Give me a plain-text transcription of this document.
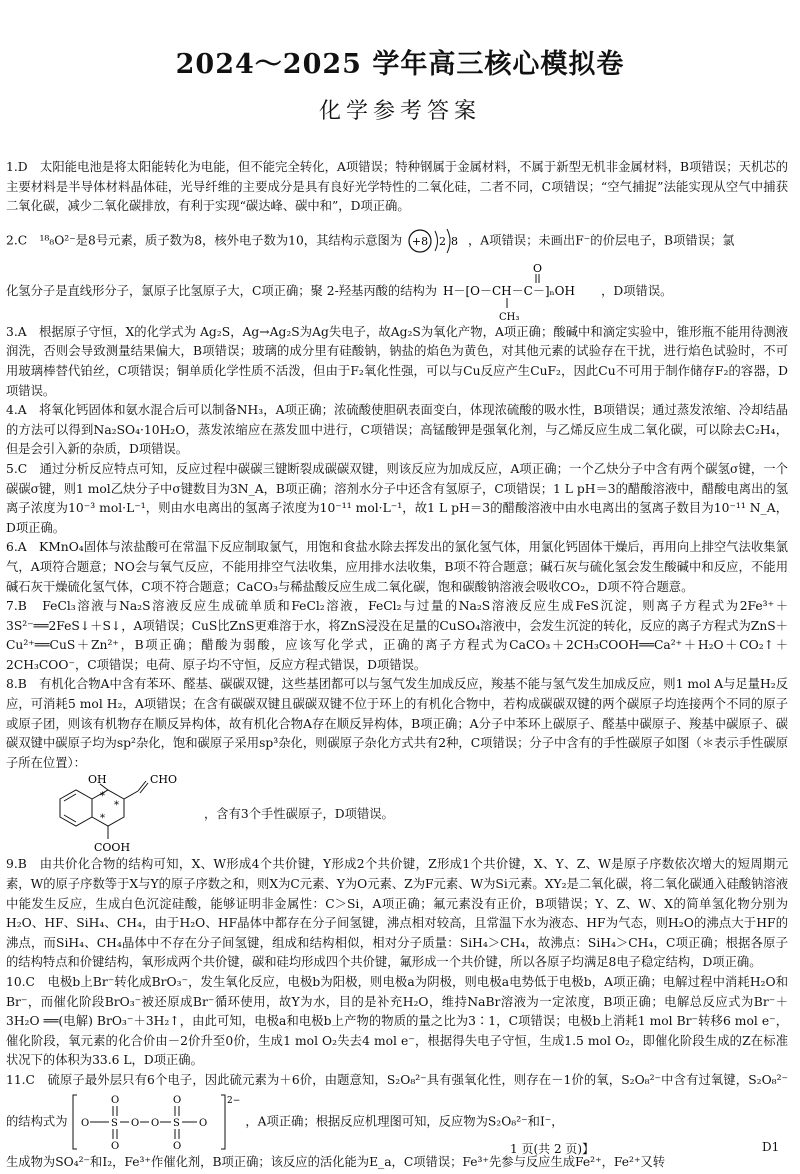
2024～2025 学年高三核心模拟卷
化学参考答案

1.D　太阳能电池是将太阳能转化为电能，但不能完全转化，A项错误；特种钢属于金属材料，不属于新型无机非金属材料，B项错误；天机芯的主要材料是半导体材料晶体硅，光导纤维的主要成分是具有良好光学特性的二氧化硅，二者不同，C项错误；“空气捕捉”法能实现从空气中捕获二氧化碳，减少二氧化碳排放，有利于实现“碳达峰、碳中和”，D项正确。

2.C　¹⁸₈O²⁻是8号元素，质子数为8，核外电子数为10，其结构示意图为 +8 2 8 ，A项错误；未画出F⁻的价层电子，B项错误；氯
化氢分子是直线形分子，氯原子比氢原子大，C项正确；聚 2-羟基丙酸的结构为
O
H－[O－CH－C－]ₙOH
CH₃
，D项错误。

3.A　根据原子守恒，X的化学式为 Ag₂S，Ag→Ag₂S为Ag失电子，故Ag₂S为氧化产物，A项正确；酸碱中和滴定实验中，锥形瓶不能用待测液润洗，否则会导致测量结果偏大，B项错误；玻璃的成分里有硅酸钠，钠盐的焰色为黄色，对其他元素的试验存在干扰，进行焰色试验时，不可用玻璃棒替代铂丝，C项错误；铜单质化学性质不活泼，但由于F₂氧化性强，可以与Cu反应产生CuF₂，因此Cu不可用于制作储存F₂的容器，D项错误。

4.A　将氧化钙固体和氨水混合后可以制备NH₃，A项正确；浓硫酸使胆矾表面变白，体现浓硫酸的吸水性，B项错误；通过蒸发浓缩、冷却结晶的方法可以得到Na₂SO₄·10H₂O，蒸发浓缩应在蒸发皿中进行，C项错误；高锰酸钾是强氧化剂，与乙烯反应生成二氧化碳，可以除去C₂H₄，但是会引入新的杂质，D项错误。

5.C　通过分析反应特点可知，反应过程中碳碳三键断裂成碳碳双键，则该反应为加成反应，A项正确；一个乙炔分子中含有两个碳氢σ键，一个碳碳σ键，则1 mol乙炔分子中σ键数目为3N_A，B项正确；溶剂水分子中还含有氢原子，C项错误；1 L pH＝3的醋酸溶液中，醋酸电离出的氢离子浓度为10⁻³ mol·L⁻¹，则由水电离出的氢离子浓度为10⁻¹¹ mol·L⁻¹，故1 L pH＝3的醋酸溶液中由水电离出的氢离子数目为10⁻¹¹ N_A，D项正确。

6.A　KMnO₄固体与浓盐酸可在常温下反应制取氯气，用饱和食盐水除去挥发出的氯化氢气体，用氯化钙固体干燥后，再用向上排空气法收集氯气，A项符合题意；NO会与氧气反应，不能用排空气法收集，应用排水法收集，B项不符合题意；碱石灰与硫化氢会发生酸碱中和反应，不能用碱石灰干燥硫化氢气体，C项不符合题意；CaCO₃与稀盐酸反应生成二氧化碳，饱和碳酸钠溶液会吸收CO₂，D项不符合题意。

7.B　FeCl₃溶液与Na₂S溶液反应生成硫单质和FeCl₂溶液，FeCl₂与过量的Na₂S溶液反应生成FeS沉淀，则离子方程式为2Fe³⁺＋3S²⁻══2FeS↓＋S↓，A项错误；CuS比ZnS更难溶于水，将ZnS浸没在足量的CuSO₄溶液中，会发生沉淀的转化，反应的离子方程式为ZnS＋Cu²⁺══CuS＋Zn²⁺，B项正确；醋酸为弱酸，应该写化学式，正确的离子方程式为CaCO₃＋2CH₃COOH══Ca²⁺＋H₂O＋CO₂↑＋2CH₃COO⁻，C项错误；电荷、原子均不守恒，反应方程式错误，D项错误。

8.B　有机化合物A中含有苯环、醛基、碳碳双键，这些基团都可以与氢气发生加成反应，羧基不能与氢气发生加成反应，则1 mol A与足量H₂反应，可消耗5 mol H₂，A项错误；在含有碳碳双键且碳碳双键不位于环上的有机化合物中，若构成碳碳双键的两个碳原子均连接两个不同的原子或原子团，则该有机物存在顺反异构体，故有机化合物A存在顺反异构体，B项正确；A分子中苯环上碳原子、醛基中碳原子、羧基中碳原子、碳碳双键中碳原子均为sp²杂化，饱和碳原子采用sp³杂化，则碳原子杂化方式共有2种，C项错误；分子中含有的手性碳原子如图（＊表示手性碳原子所在位置）：

OH	CHO
COOH
*
*
*	，含有3个手性碳原子，D项错误。

9.B　由共价化合物的结构可知，X、W形成4个共价键，Y形成2个共价键，Z形成1个共价键，X、Y、Z、W是原子序数依次增大的短周期元素，W的原子序数等于X与Y的原子序数之和，则X为C元素、Y为O元素、Z为F元素、W为Si元素。XY₂是二氧化碳，将二氧化碳通入硅酸钠溶液中能发生反应，生成白色沉淀硅酸，能够证明非金属性：C＞Si，A项正确；氟元素没有正价，B项错误；Y、Z、W、X的简单氢化物分别为H₂O、HF、SiH₄、CH₄，由于H₂O、HF晶体中都存在分子间氢键，沸点相对较高，且常温下水为液态、HF为气态，则H₂O的沸点大于HF的沸点，而SiH₄、CH₄晶体中不存在分子间氢键，组成和结构相似，相对分子质量：SiH₄＞CH₄，故沸点：SiH₄＞CH₄，C项正确；根据各原子的结构特点和价键结构，氧形成两个共价键，碳和硅均形成四个共价键，氟形成一个共价键，所以各原子均满足8电子稳定结构，D项正确。

10.C　电极b上Br⁻转化成BrO₃⁻，发生氧化反应，电极b为阳极，则电极a为阴极，则电极a电势低于电极b，A项正确；电解过程中消耗H₂O和Br⁻，而催化阶段BrO₃⁻被还原成Br⁻循环使用，故Y为水，目的是补充H₂O，维持NaBr溶液为一定浓度，B项正确；电解总反应式为Br⁻＋3H₂O ══(电解) BrO₃⁻＋3H₂↑，由此可知，电极a和电极b上产物的物质的量之比为3∶1，C项错误；电极b上消耗1 mol Br⁻转移6 mol e⁻，催化阶段，氧元素的化合价由－2价升至0价，生成1 mol O₂失去4 mol e⁻，根据得失电子守恒，生成1.5 mol O₂，即催化阶段生成的Z在标准状况下的体积为33.6 L，D项正确。

11.C　硫原子最外层只有6个电子，因此硫元素为＋6价，由题意知，S₂O₈²⁻具有强氧化性，则存在－1价的氧，S₂O₈²⁻中含有过氧键，S₂O₈²⁻的结构式为
2−
O	O
O S O O S O
O	O
，A项正确；根据反应机理图可知，反应物为S₂O₈²⁻和I⁻，
生成物为SO₄²⁻和I₂，Fe³⁺作催化剂，B项正确；该反应的活化能为E_a，C项错误；Fe³⁺先参与反应生成Fe²⁺，Fe²⁺又转
1 页(共 2 页)】	D1
